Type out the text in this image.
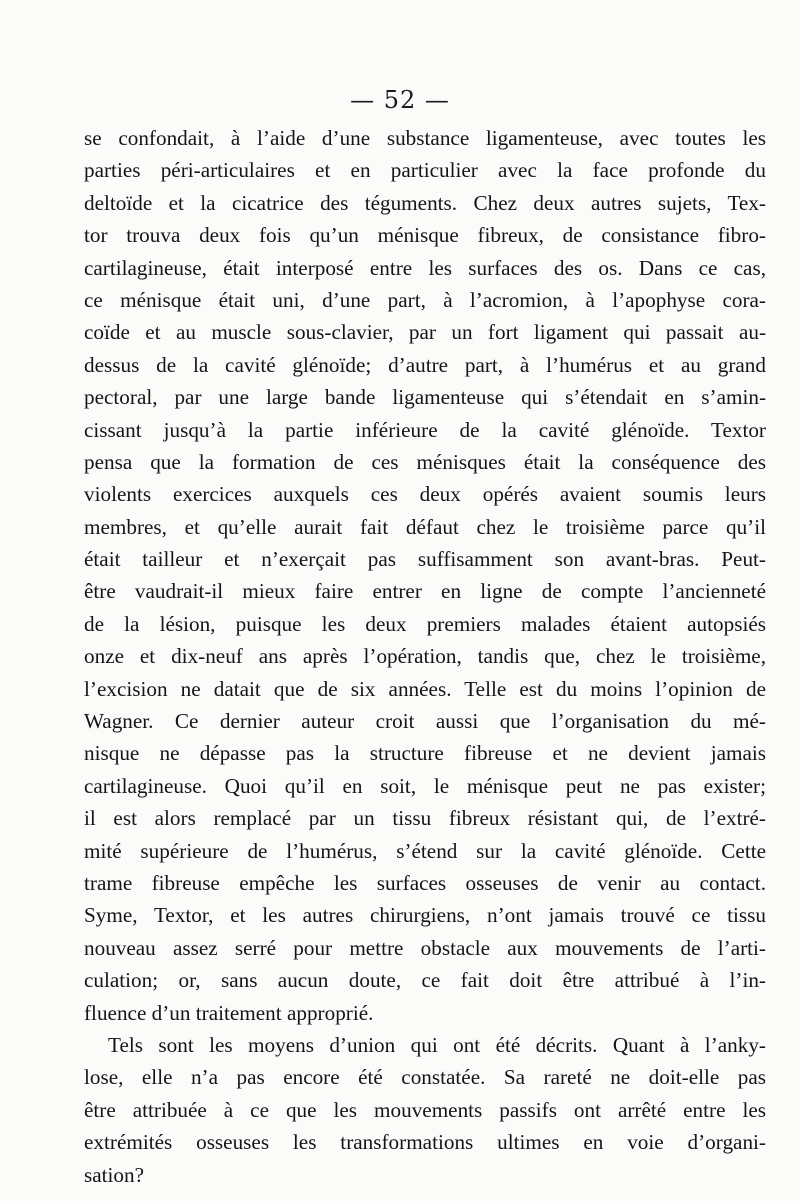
— 52 —
se confondait, à l’aide d’une substance ligamenteuse, avec toutes les
parties péri-articulaires et en particulier avec la face profonde du
deltoïde et la cicatrice des téguments. Chez deux autres sujets, Tex-
tor trouva deux fois qu’un ménisque fibreux, de consistance fibro-
cartilagineuse, était interposé entre les surfaces des os. Dans ce cas,
ce ménisque était uni, d’une part, à l’acromion, à l’apophyse cora-
coïde et au muscle sous-clavier, par un fort ligament qui passait au-
dessus de la cavité glénoïde; d’autre part, à l’humérus et au grand
pectoral, par une large bande ligamenteuse qui s’étendait en s’amin-
cissant jusqu’à la partie inférieure de la cavité glénoïde. Textor
pensa que la formation de ces ménisques était la conséquence des
violents exercices auxquels ces deux opérés avaient soumis leurs
membres, et qu’elle aurait fait défaut chez le troisième parce qu’il
était tailleur et n’exerçait pas suffisamment son avant-bras. Peut-
être vaudrait-il mieux faire entrer en ligne de compte l’ancienneté
de la lésion, puisque les deux premiers malades étaient autopsiés
onze et dix-neuf ans après l’opération, tandis que, chez le troisième,
l’excision ne datait que de six années. Telle est du moins l’opinion de
Wagner. Ce dernier auteur croit aussi que l’organisation du mé-
nisque ne dépasse pas la structure fibreuse et ne devient jamais
cartilagineuse. Quoi qu’il en soit, le ménisque peut ne pas exister;
il est alors remplacé par un tissu fibreux résistant qui, de l’extré-
mité supérieure de l’humérus, s’étend sur la cavité glénoïde. Cette
trame fibreuse empêche les surfaces osseuses de venir au contact.
Syme, Textor, et les autres chirurgiens, n’ont jamais trouvé ce tissu
nouveau assez serré pour mettre obstacle aux mouvements de l’arti-
culation; or, sans aucun doute, ce fait doit être attribué à l’in-
fluence d’un traitement approprié.
Tels sont les moyens d’union qui ont été décrits. Quant à l’anky-
lose, elle n’a pas encore été constatée. Sa rareté ne doit-elle pas
être attribuée à ce que les mouvements passifs ont arrêté entre les
extrémités osseuses les transformations ultimes en voie d’organi-
sation?
